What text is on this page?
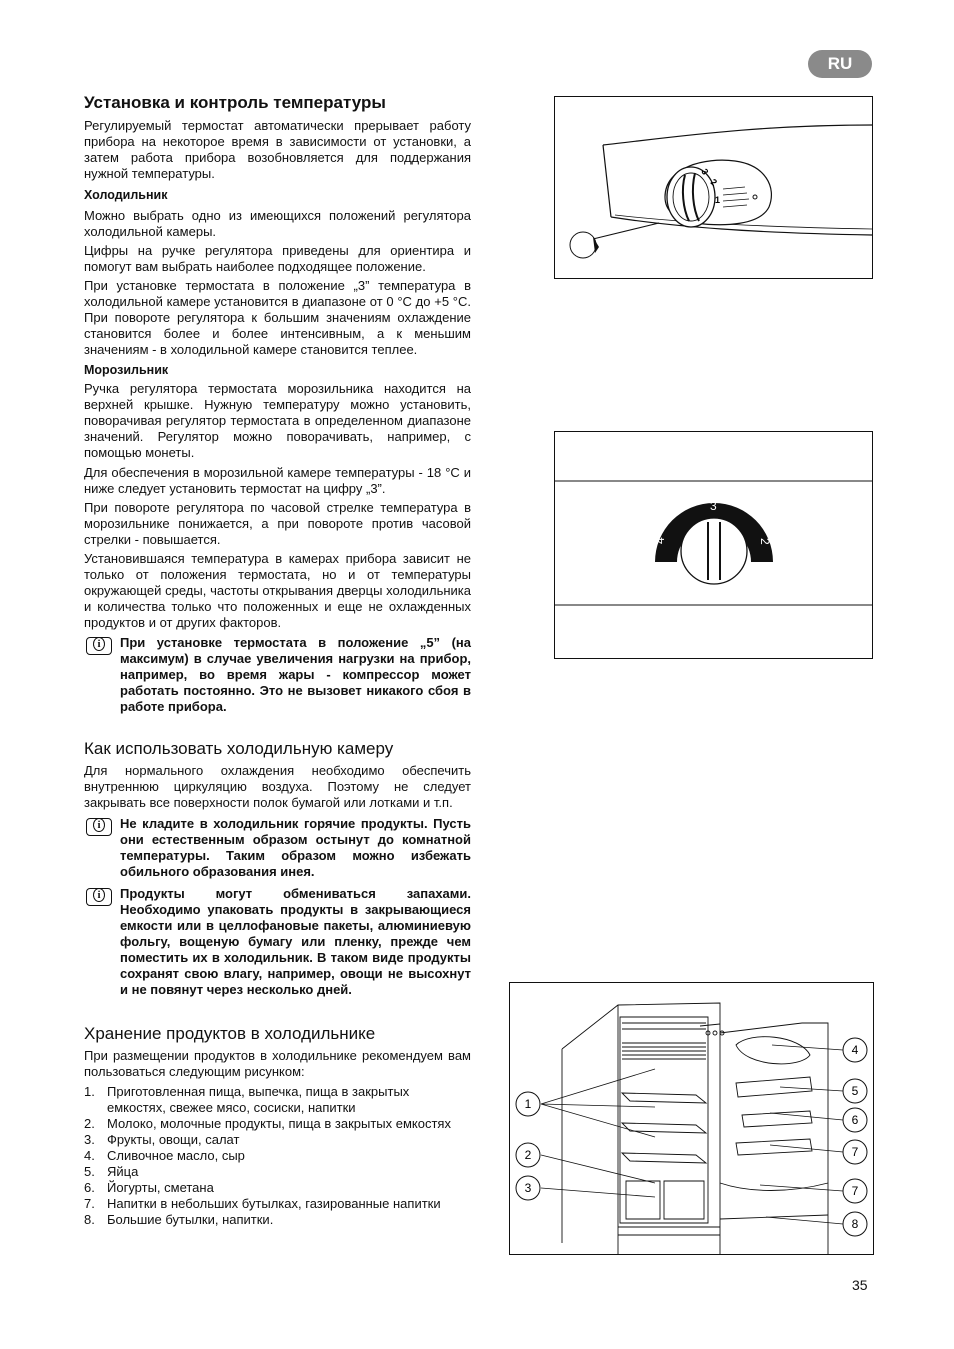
RU
Установка и контроль температуры

Регулируемый термостат автоматически прерывает работу прибора на некоторое время в зависимости от установки, а затем работа прибора возобновляется для поддержания нужной температуры.

Холодильник

Можно выбрать одно из имеющихся положений регулятора холодильной камеры.

Цифры на ручке регулятора приведены для ориентира и помогут вам выбрать наиболее подходящее положение.

При установке термостата в положение „3” температура в холодильной камере установится в диапазоне от 0 °C до +5 °C. При повороте регулятора к большим значениям охлаждение становится более и более интенсивным, а к меньшим значениям - в холодильной камере становится теплее.

Морозильник

Ручка регулятора термостата морозильника находится на верхней крышке. Нужную температуру можно установить, поворачивая регулятор термостата в определенном диапазоне значений. Регулятор можно поворачивать, например, с помощью монеты.

Для обеспечения в морозильной камере температуры - 18 °C и ниже следует установить термостат на цифру „3”.

При повороте регулятора по часовой стрелке температура в морозильнике понижается, а при повороте против часовой стрелки - повышается.

Установившаяся температура в камерах прибора зависит не только от положения термостата, но и от температуры окружающей среды, частоты открывания дверцы холодильника и количества только что положенных и еще не охлажденных продуктов и от других факторов.

i	При установке термостата в положение „5” (на максимум) в случае увеличения нагрузки на прибор, например, во время жары - компрессор может работать постоянно. Это не вызовет никакого сбоя в работе прибора.
Как использовать холодильную камеру

Для нормального охлаждения необходимо обеспечить внутреннюю циркуляцию воздуха. Поэтому не следует закрывать все поверхности полок бумагой или лотками и т.п.

i	Не кладите в холодильник горячие продукты. Пусть они естественным образом остынут до комнатной температуры. Таким образом можно избежать обильного образования инея.
i	Продукты могут обмениваться запахами. Необходимо упаковать продукты в закрывающиеся емкости или в целлофановые пакеты, алюминиевую фольгу, вощеную бумагу или пленку, прежде чем поместить их в холодильник. В таком виде продукты сохранят свою влагу, например, овощи не высохнут и не повянут через несколько дней.
Хранение продуктов в холодильнике

При размещении продуктов в холодильнике рекомендуем вам пользоваться следующим рисунком:

1. Приготовленная пища, выпечка, пища в закрытых емкостях, свежее мясо, сосиски, напитки
2. Молоко, молочные продукты, пища в закрытых емкостях
3. Фрукты, овощи, салат
4. Сливочное масло, сыр
5. Яйца
6. Йогурты, сметана
7. Напитки в небольших бутылках, газированные напитки
8. Большие бутылки, напитки.
1
2
3
4
3
2
1
2
3
4
5
6
7
7
8
35
